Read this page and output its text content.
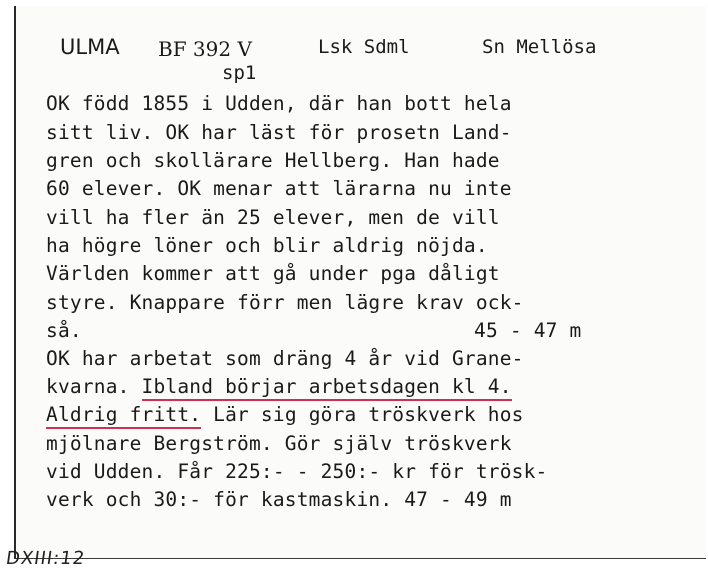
ULMA BF 392 V	Lsk Sdml	Sn Mellösa
sp1
OK född 1855 i Udden, där han bott hela
sitt liv. OK har läst för prosetn Land-
gren och skollärare Hellberg. Han hade
60 elever. OK menar att lärarna nu inte
vill ha fler än 25 elever, men de vill
ha högre löner och blir aldrig nöjda.
Världen kommer att gå under pga dåligt
styre. Knappare förr men lägre krav ock-
så.	45 - 47 m
OK har arbetat som dräng 4 år vid Grane-
kvarna. Ibland börjar arbetsdagen kl 4.
Aldrig fritt. Lär sig göra tröskverk hos
mjölnare Bergström. Gör själv tröskverk
vid Udden. Får 225:- - 250:- kr för trösk-
verk och 30:- för kastmaskin. 47 - 49 m
DXIII:12
